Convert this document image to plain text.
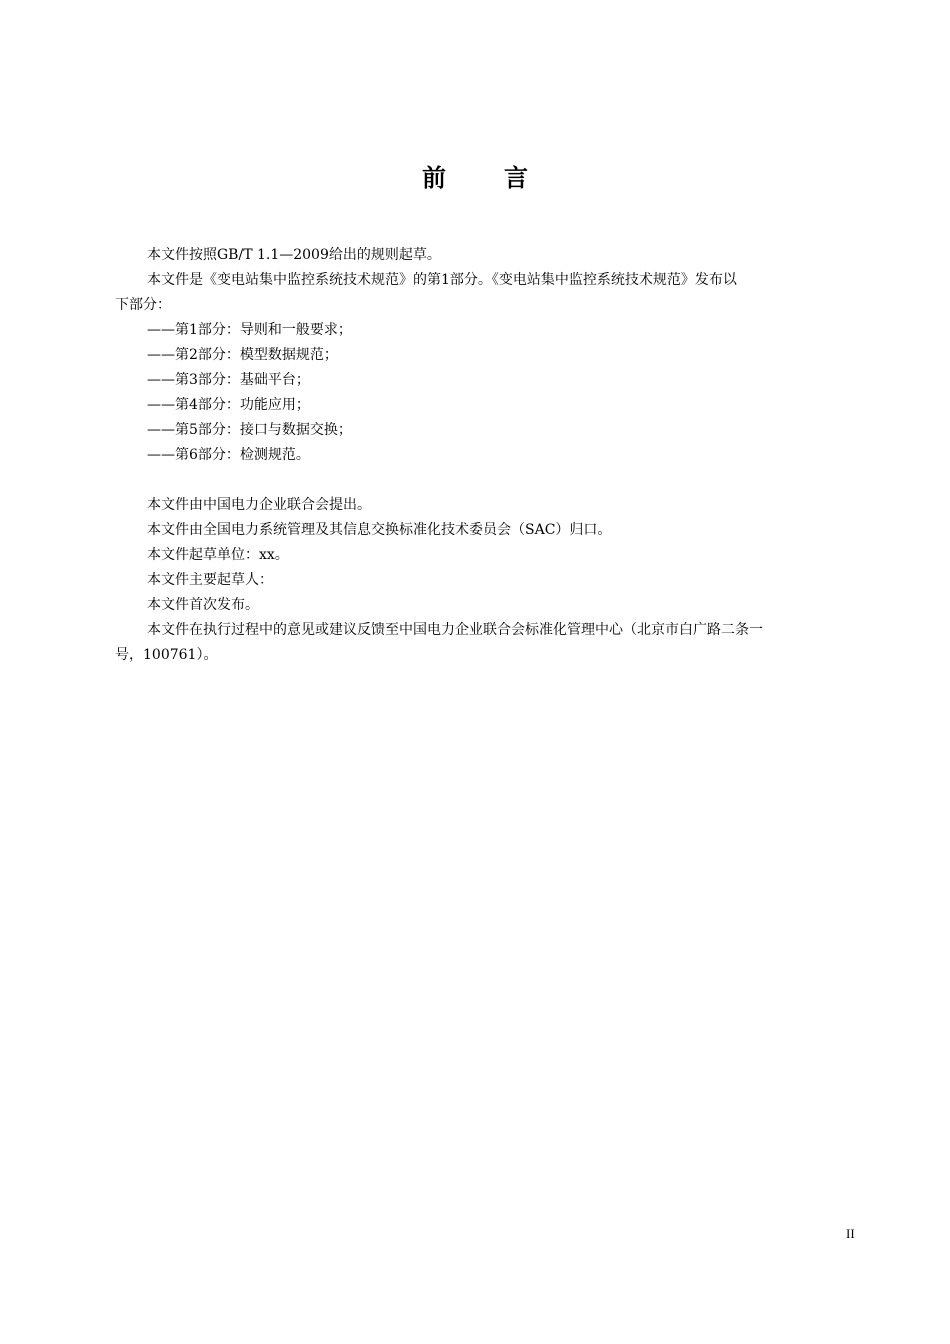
前 言

本文件按照GB/T 1.1—2009给出的规则起草。

本文件是《变电站集中监控系统技术规范》的第1部分。《变电站集中监控系统技术规范》发布以

下部分：

——第1部分：导则和一般要求；

——第2部分：模型数据规范；

——第3部分：基础平台；

——第4部分：功能应用；

——第5部分：接口与数据交换；

——第6部分：检测规范。

本文件由中国电力企业联合会提出。

本文件由全国电力系统管理及其信息交换标准化技术委员会（SAC）归口。

本文件起草单位：xx。

本文件主要起草人：

本文件首次发布。

本文件在执行过程中的意见或建议反馈至中国电力企业联合会标准化管理中心（北京市白广路二条一

号，100761）。

II
